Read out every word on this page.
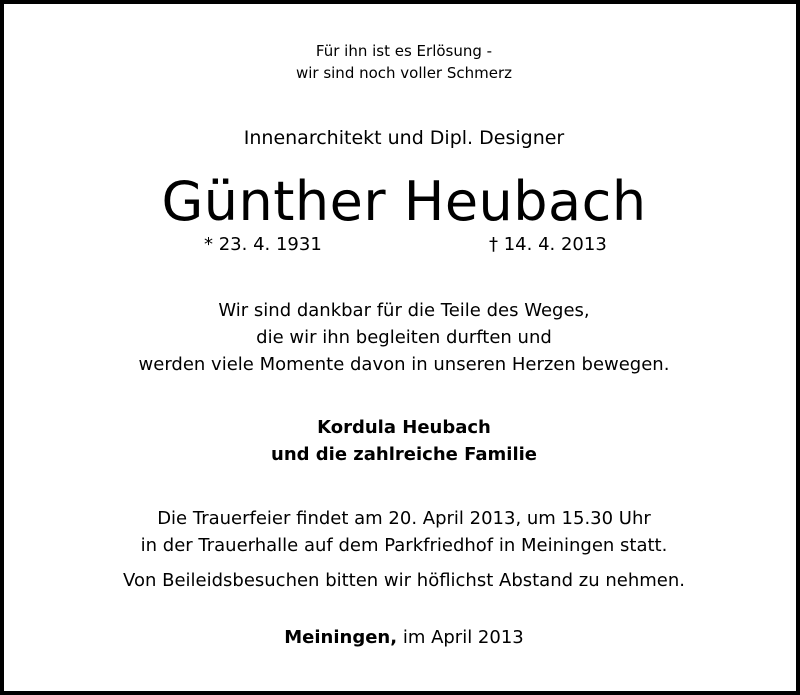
Für ihn ist es Erlösung -
wir sind noch voller Schmerz
Innenarchitekt und Dipl. Designer
Günther Heubach
* 23. 4. 1931	† 14. 4. 2013
Wir sind dankbar für die Teile des Weges,
die wir ihn begleiten durften und
werden viele Momente davon in unseren Herzen bewegen.
Kordula Heubach
und die zahlreiche Familie
Die Trauerfeier findet am 20. April 2013, um 15.30 Uhr
in der Trauerhalle auf dem Parkfriedhof in Meiningen statt.
Von Beileidsbesuchen bitten wir höflichst Abstand zu nehmen.
Meiningen, im April 2013
